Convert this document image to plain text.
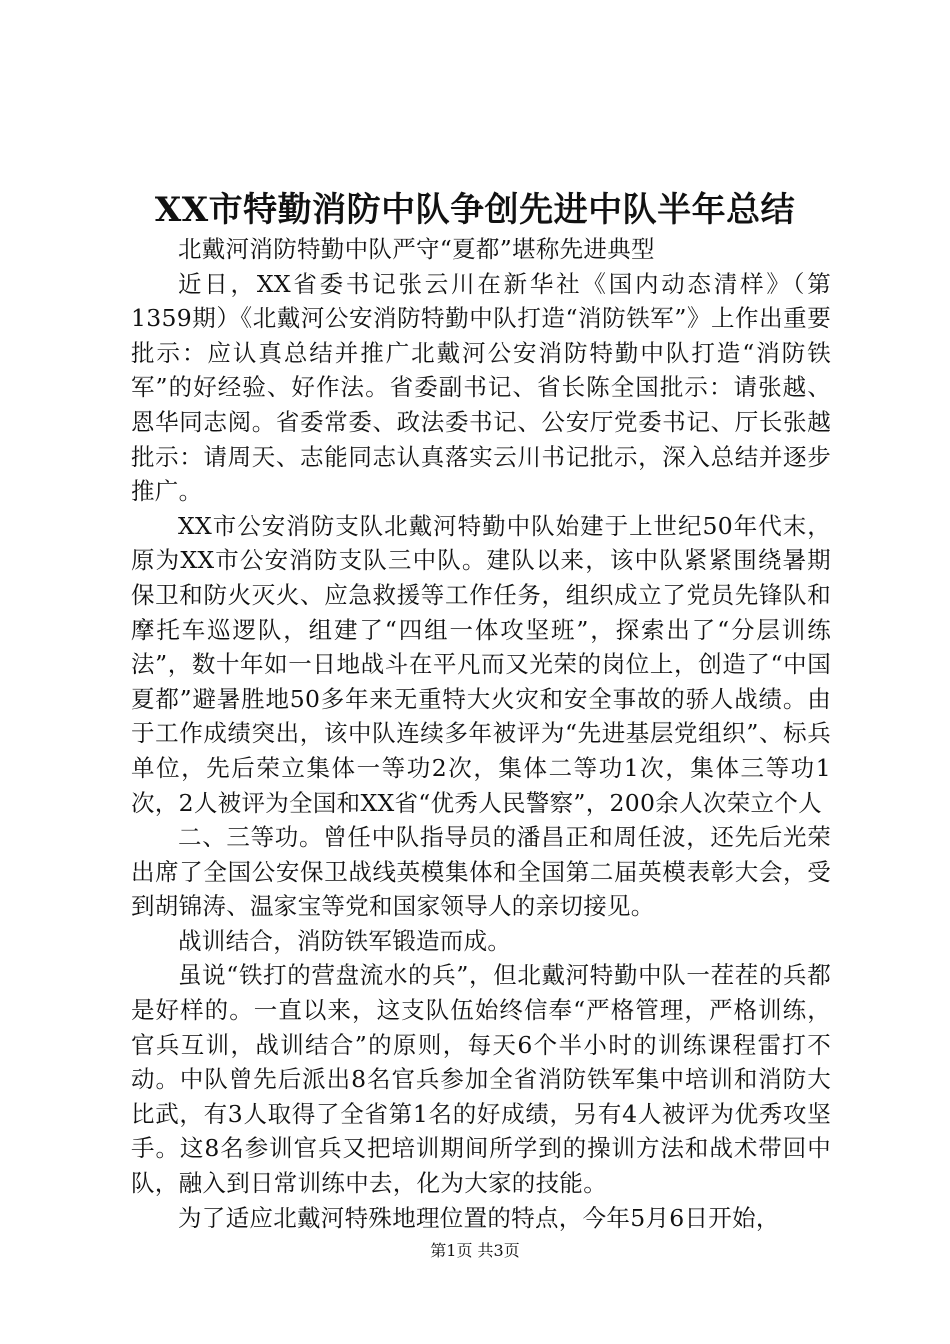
XX市特勤消防中队争创先进中队半年总结

北戴河消防特勤中队严守“夏都”堪称先进典型

近日，XX省委书记张云川在新华社《国内动态清样》（第1359期）《北戴河公安消防特勤中队打造“消防铁军”》上作出重要批示：应认真总结并推广北戴河公安消防特勤中队打造“消防铁军”的好经验、好作法。省委副书记、省长陈全国批示：请张越、恩华同志阅。省委常委、政法委书记、公安厅党委书记、厅长张越批示：请周天、志能同志认真落实云川书记批示，深入总结并逐步推广。

XX市公安消防支队北戴河特勤中队始建于上世纪50年代末，原为XX市公安消防支队三中队。建队以来，该中队紧紧围绕暑期保卫和防火灭火、应急救援等工作任务，组织成立了党员先锋队和摩托车巡逻队，组建了“四组一体攻坚班”，探索出了“分层训练法”，数十年如一日地战斗在平凡而又光荣的岗位上，创造了“中国夏都”避暑胜地50多年来无重特大火灾和安全事故的骄人战绩。由于工作成绩突出，该中队连续多年被评为“先进基层党组织”、标兵单位，先后荣立集体一等功2次，集体二等功1次，集体三等功1次，2人被评为全国和XX省“优秀人民警察”，200余人次荣立个人

二、三等功。曾任中队指导员的潘昌正和周任波，还先后光荣出席了全国公安保卫战线英模集体和全国第二届英模表彰大会，受到胡锦涛、温家宝等党和国家领导人的亲切接见。

战训结合，消防铁军锻造而成。

虽说“铁打的营盘流水的兵”，但北戴河特勤中队一茬茬的兵都是好样的。一直以来，这支队伍始终信奉“严格管理，严格训练，官兵互训，战训结合”的原则，每天6个半小时的训练课程雷打不动。中队曾先后派出8名官兵参加全省消防铁军集中培训和消防大比武，有3人取得了全省第1名的好成绩，另有4人被评为优秀攻坚手。这8名参训官兵又把培训期间所学到的操训方法和战术带回中队，融入到日常训练中去，化为大家的技能。

为了适应北戴河特殊地理位置的特点，今年5月6日开始，

第1页 共3页
